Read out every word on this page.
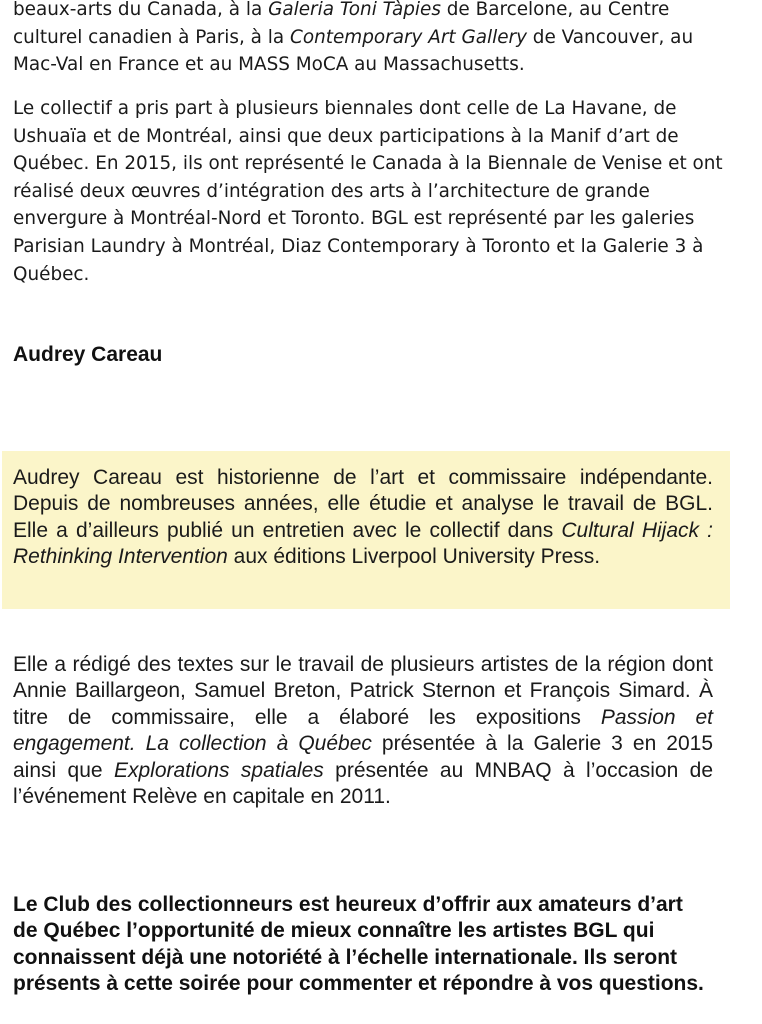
beaux-arts du Canada, à la Galeria Toni Tàpies de Barcelone, au Centre culturel canadien à Paris, à la Contemporary Art Gallery de Vancouver, au Mac-Val en France et au MASS MoCA au Massachusetts.

Le collectif a pris part à plusieurs biennales dont celle de La Havane, de Ushuaïa et de Montréal, ainsi que deux participations à la Manif d’art de Québec. En 2015, ils ont représenté le Canada à la Biennale de Venise et ont réalisé deux œuvres d’intégration des arts à l’architecture de grande envergure à Montréal-Nord et Toronto. BGL est représenté par les galeries Parisian Laundry à Montréal, Diaz Contemporary à Toronto et la Galerie 3 à Québec.

Audrey Careau

Audrey Careau est historienne de l’art et commissaire indépendante. Depuis de nombreuses années, elle étudie et analyse le travail de BGL. Elle a d’ailleurs publié un entretien avec le collectif dans Cultural Hijack : Rethinking Intervention aux éditions Liverpool University Press.

Elle a rédigé des textes sur le travail de plusieurs artistes de la région dont Annie Baillargeon, Samuel Breton, Patrick Sternon et François Simard. À titre de commissaire, elle a élaboré les expositions Passion et engagement. La collection à Québec présentée à la Galerie 3 en 2015 ainsi que Explorations spatiales présentée au MNBAQ à l’occasion de l’événement Relève en capitale en 2011.

Le Club des collectionneurs est heureux d’offrir aux amateurs d’art de Québec l’opportunité de mieux connaître les artistes BGL qui connaissent déjà une notoriété à l’échelle internationale. Ils seront présents à cette soirée pour commenter et répondre à vos questions.
